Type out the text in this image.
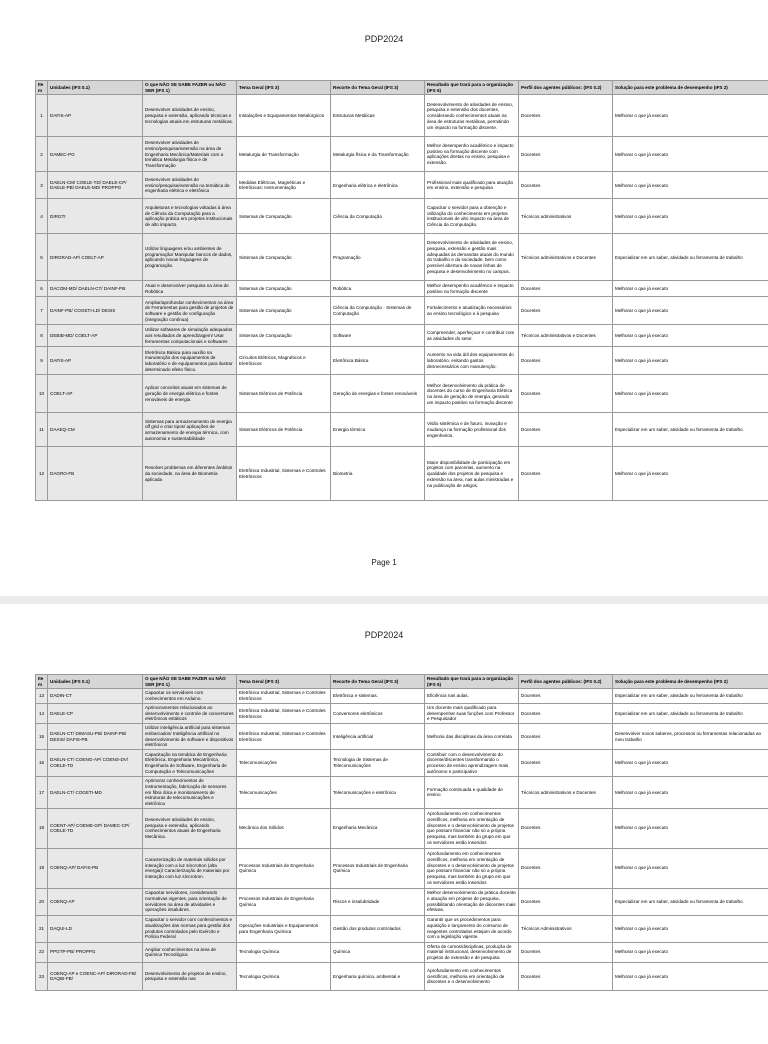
PDP2024
Item	Unidades (IFS 0.1)	O que NÃO SE SABE FAZER ou NÃO SER (IFS 1)	Tema Geral (IFS 3)	Recorte do Tema Geral (IFS 3)	Resultado que trará para a organização (IFS 6)	Perfil dos agentes públicos: (IFS 0.2)	Solução para este problema de desempenho (IFS 2)
1	DAFIS-AP	Desenvolver atividades de ensino, pesquisa e extensão, aplicando técnicas e tecnologias atuais em estruturas metálicas.	Instalações e Equipamentos Metalúrgicos	Estruturas Metálicas	Desenvolvimento de atividades de ensino, pesquisa e extensão dos docentes, considerando conhecimentos atuais na área de estruturas metálicas, permitindo um impacto na formação discente.	Docentes	Melhorar o que já executo
2	DAMEC-PG	Desenvolver atividades de ensino/pesquisa/extensão na área de Engenharia Mecânica/Materiais com a temática Metalurgia física e de Transformação	Metalurgia de Transformação	Metalurgia física e da Transformação	Melhor desempenho acadêmico e impacto positivo na formação discente com aplicações diretas no ensino, pesquisa e extensão.	Docentes	Melhorar o que já executo
3	DAELN-CM/ COELE-TD/ DAELE-CP/ DAELE-PB/ DAELE-MD/ PROPPG	Desenvolver atividades de ensino/pesquisa/extensão na temática de engenharia elétrica e eletrônica	Medidas Elétricas, Magnéticas e Eletrônicas; Instrumentação	Engenharia elétrica e eletrônica	Profissional mais qualificado para atuação em ensino, extensão e pesquisa	Docentes	Melhorar o que já executo
4	DIRGTI	Arquiteturas e tecnologias voltadas à área de Ciência da Computação para a aplicação prática em projetos institucionais de alto impacto.	Sistemas de Computação	Ciência da Computação	Capacitar o servidor para a obtenção e utilização do conhecimento em projetos institucionais de alto impacto na área de Ciência da Computação.	Técnicos administrativos	Melhorar o que já executo
5	DIRGRAD-AP/ COELT-AP	Utilizar linguagens e/ou ambientes de programação/ Manipular bancos de dados, aplicando novas linguagens de programação.	Sistemas de Computação	Programação	Desenvolvimento de atividades de ensino, pesquisa, extensão e gestão mais adequadas às demandas atuais do mundo do trabalho e da sociedade, bem como possível abertura de novas linhas de pesquisa e desenvolvimento no campus.	Técnicos administrativos e Docentes	Especializar em um saber, atividade ou ferramenta de trabalho
6	DACOM-MD/ DAELN-CT/ DAINF-PB	Atuar e desenvolver pesquisa na área de Robótica	Sistemas de Computação	Robótica	Melhor desempenho acadêmico e impacto positivo na formação discente	Docentes	Melhorar o que já executo
7	DAINF-PB/ COGETI-LD/ DESIS	Ampliar/aprofundar conhecimentos na área de Ferramentas para gestão de projetos de software e gestão de configuração (integração contínua)	Sistemas de Computação	Ciência da Computação - Sistemas de Computação	Fortalecimento e atualização necessários ao ensino tecnológico e à pesquisa	Docentes	Melhorar o que já executo
8	DEBIB-MD/ COELT-AP	Utilizar softwares de simulação adequados aos resultados de aprendizagem/ Usar ferramentas computacionais e softwares	Sistemas de Computação	Software	Compreender, aperfeiçoar e contribuir com as atividades do setor.	Técnicos administrativos e Docentes	Melhorar o que já executo
9	DAFIS-AP	Eletrônica Básica para auxílio na manutenção dos equipamentos de laboratório e de equipamentos para ilustrar determinado efeito físico.	Circuitos Elétricos, Magnéticos e Eletrônicos	Eletrônica Básica	Aumento na vida útil dos equipamentos do laboratório, evitando gastos desnecessários com manutenção.	Docentes	Melhorar o que já executo
10	COELT-AP	Aplicar conceitos atuais em sistemas de geração de energia elétrica e fontes renováveis de energia	Sistemas Elétricos de Potência	Geração de energias e fontes renováveis	Melhor desenvolvimento da prática de docentes do curso de Engenharia Elétrica na área de geração de energia, gerando um impacto positivo na formação discente	Docentes	Melhorar o que já executo
11	DAAEQ-CM	Sistemas para armazenamento de energia off grid e criar tipos/ aplicações de armazenamento de energia térmica, com autonomia e sustentabilidade	Sistemas Elétricos de Potência	Energia térmica	Visão sistêmica e de futuro, inovação e mudança na formação profissional dos engenheiros.	Docentes	Especializar em um saber, atividade ou ferramenta de trabalho
12	DAGRO-FB	Resolver problemas em diferentes âmbitos da sociedade, na área de Biometria aplicada	Eletrônica Industrial, Sistemas e Controles Eletrônicos	Biometria	Maior disponibilidade de participação em projetos com parcerias, aumento na qualidade dos projetos de pesquisa e extensão na área, nas aulas ministradas e na publicação de artigos.	Docentes	Melhorar o que já executo
Page 1
PDP2024
Item	Unidades (IFS 0.1)	O que NÃO SE SABE FAZER ou NÃO SER (IFS 1)	Tema Geral (IFS 3)	Recorte do Tema Geral (IFS 3)	Resultado que trará para a organização (IFS 6)	Perfil dos agentes públicos: (IFS 0.2)	Solução para este problema de desempenho (IFS 2)
13	DADIN-CT	Capacitar os servidores com conhecimentos em Arduino.	Eletrônica Industrial, Sistemas e Controles Eletrônicos	Eletrônica e sistemas.	Eficiência nas aulas.	Docentes	Especializar em um saber, atividade ou ferramenta de trabalho
14	DAELE-CP	Aprimoramentos relacionados ao desenvolvimento e controle de conversores eletrônicos estáticos	Eletrônica Industrial, Sistemas e Controles Eletrônicos	Conversores eletrônicos	Um docente mais qualificado para desempenhar suas funções com Professor e Pesquisador	Docentes	Especializar em um saber, atividade ou ferramenta de trabalho
15	DAELN-CT/ DIMASU-PB/ DAINF-PB/ DESIS/ DAFIS-PB	Utilizar inteligência artificial para sistemas embarcados/ Inteligência artificial no desenvolvimento de software e dispositivos eletrônicos	Eletrônica Industrial, Sistemas e Controles Eletrônicos	Inteligência artificial	Melhoria das disciplinas da área correlata	Docentes	Desenvolver novos saberes, processos ou ferramentas relacionadas ao meu trabalho
16	DAELN-CT/ COENG-AP/ COENS-DV/ COELE-TD	Capacitação na temática de Engenharia Eletrônica, Engenharia Mecatrônica, Engenharia de Software, Engenharia de Computação e Telecomunicações	Telecomunicações	Tecnologia de Sistemas de Telecomunicações	Contribuir com o desenvolvimento do docente/discentes transformando o processo de ensino aprendizagem mais autônomo e participativo	Docentes	Melhorar o que já executo
17	DAELN-CT/ COGETI-MD	Aprimorar conhecimentos de instrumentação, fabricação de sensores em fibra ótica e monitoramento de estruturas de telecomunicações e eletrônica	Telecomunicações	Telecomunicações e eletrônica	Formação continuada e qualidade de ensino	Técnicos administrativos e Docentes	Melhorar o que já executo
18	COENT-AP/ COEME-GP/ DAMEC-CP/ COELE-TD	Desenvolver atividades de ensino, pesquisa e extensão, aplicando conhecimentos atuais de Engenharia Mecânica.	Mecânica dos Sólidos	Engenharia Mecânica	Aprofundamento em conhecimentos científicos, melhoria em orientação de discentes e o desenvolvimento de projetos que possam financiar não só a própria pesquisa, mas também do grupo em que os servidores estão inseridos	Docentes	Melhorar o que já executo
19	COENQ-AP/ DAFIS-PB	Caracterização de materiais sólidos por interação com a luz síncrotron (alta energia)/ Caracterização de materiais por interação com luz síncrotron.	Processos Industriais de Engenharia Química	Processos Industriais de Engenharia Química	Aprofundamento em conhecimentos científicos, melhoria em orientação de discentes e o desenvolvimento de projetos que possam financiar não só a própria pesquisa, mas também do grupo em que os servidores estão inseridos	Docentes	Melhorar o que já executo
20	COENQ-AP	Capacitar servidores, considerando normativas vigentes, para orientação de servidores na área de atividades e operações insalubres.	Processos Industriais de Engenharia Química	Riscos e insalubridade	Melhor desenvolvimento da prática docente e atuação em projetos de pesquisa, possibilitando orientação de discentes mais efetivas.	Docentes	Especializar em um saber, atividade ou ferramenta de trabalho
21	DAQUI-LD	Capacitar o servidor com conhecimentos e atualizações das normas para gestão dos produtos controlados pelo Exército e Polícia Federal	Operações Industriais e Equipamentos para Engenharia Química	Gestão dos produtos controlados	Garantir que os procedimentos para aquisição e lançamento do consumo de reagentes controlados estejam de acordo com a legislação vigente.	Técnicos Administrativos	Melhorar o que já executo
22	PPGTP-PB/ PROPPG	Ampliar conhecimentos na área de Química Tecnológica	Tecnologia Química	Química	Oferta de cursos/disciplinas, produção de material instrucional, desenvolvimento de projetos de extensão e de pesquisa	Docentes	Melhorar o que já executo
23	COENQ-AP e COENC-AP/ DIRGRAD-FB/ DAQBI-FB/	Desenvolvimento de projetos de ensino, pesquisa e extensão nas	Tecnologia Química	Engenharia química, ambiental e	Aprofundamento em conhecimentos científicos, melhoria em orientação de discentes e o desenvolvimento	Docentes	Melhorar o que já executo
